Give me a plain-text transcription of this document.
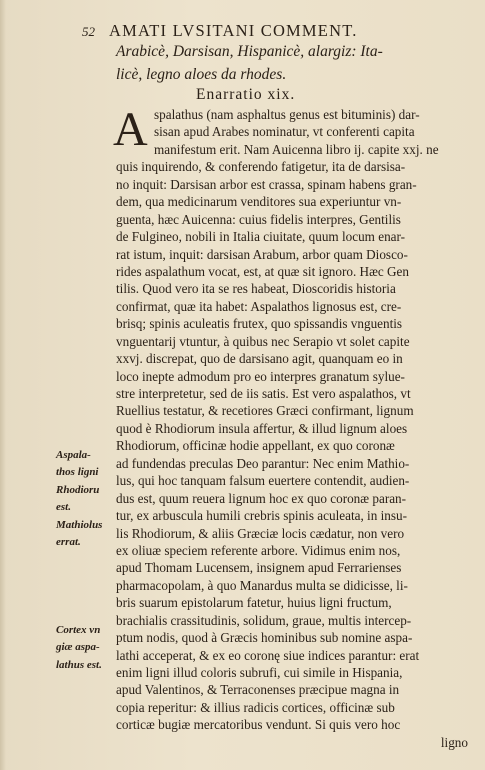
52 AMATI LVSITANI COMMENT.
Arabicè, Darsisan, Hispanicè, alargiz: Ita-
licè, legno aloes da rhodes.
Enarratio xix.
A spalathus (nam asphaltus genus est bituminis) dar-
sisan apud Arabes nominatur, vt conferenti capita
manifestum erit. Nam Auicenna libro ij. capite xxj. ne
quis inquirendo, & conferendo fatigetur, ita de darsisa-
no inquit: Darsisan arbor est crassa, spinam habens gran-
dem, qua medicinarum venditores sua experiuntur vn-
guenta, hæc Auicenna: cuius fidelis interpres, Gentilis
de Fulgineo, nobili in Italia ciuitate, quum locum enar-
rat istum, inquit: darsisan Arabum, arbor quam Dioscо-
rides aspalathum vocat, est, at quæ sit ignoro. Hæc Gen
tilis. Quod vero ita se res habeat, Dioscoridis historia
confirmat, quæ ita habet: Aspalathos lignosus est, cre-
brisq; spinis aculeatis frutex, quo spissandis vnguentis
vnguentarij vtuntur, à quibus nec Serapio vt solet capite
xxvj. discrepat, quo de darsisano agit, quanquam eo in
loco inepte admodum pro eo interpres granatum sylue-
stre interpretetur, sed de iis satis. Est vero aspalathos, vt
Ruellius testatur, & recetiores Græci confirmant, lignum
quod è Rhodiorum insula affertur, & illud lignum aloes
Rhodiorum, officinæ hodie appellant, ex quo coronæ
ad fundendas preculas Deo parantur: Nec enim Mathio-
lus, qui hoc tanquam falsum euertere contendit, audien-
dus est, quum reuera lignum hoc ex quo coronæ paran-
tur, ex arbuscula humili crebris spinis aculeata, in insu-
lis Rhodiorum, & aliis Græciæ locis cædatur, non vero
ex oliuæ speciem referente arbore. Vidimus enim nos,
apud Thomam Lucensem, insignem apud Ferrarienses
pharmacopolam, à quo Manardus multa se didicisse, li-
bris suarum epistolarum fatetur, huius ligni fructum,
brachialis crassitudinis, solidum, graue, multis intercep-
ptum nodis, quod à Græcis hominibus sub nomine aspa-
lathi acceperat, & ex eo coronę siue indices parantur: erat
enim ligni illud coloris subrufi, cui simile in Hispania,
apud Valentinos, & Terraconenses præcipue magna in
copia reperitur: & illius radicis cortices, officinæ sub
corticæ bugiæ mercatoribus vendunt. Si quis vero hoc
ligno
Aspala-
thos ligni
Rhodioru
est.
Mathiolus
errat.
Cortex vn
giæ aspa-
lathus est.
